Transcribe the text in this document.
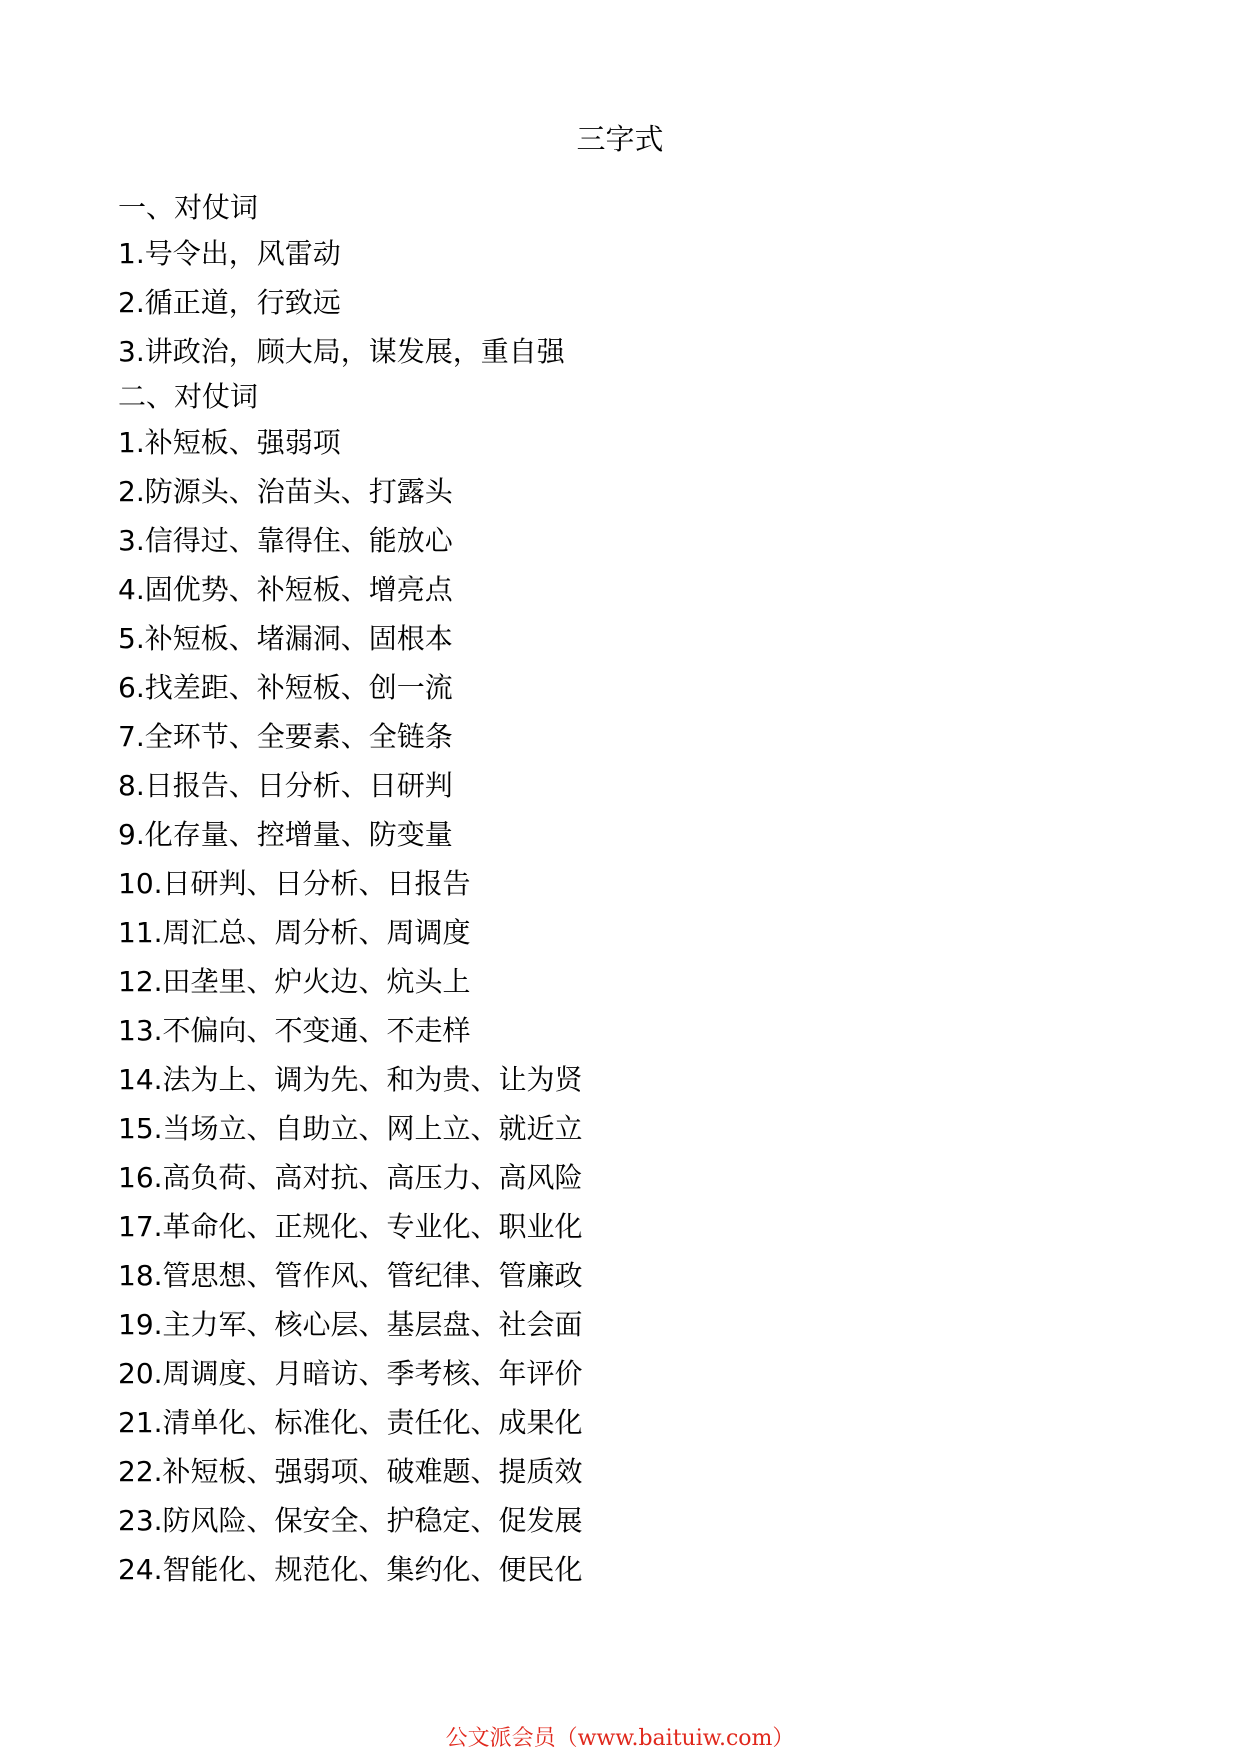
三字式
一、对仗词
1.号令出，风雷动
2.循正道，行致远
3.讲政治，顾大局，谋发展，重自强
二、对仗词
1.补短板、强弱项
2.防源头、治苗头、打露头
3.信得过、靠得住、能放心
4.固优势、补短板、增亮点
5.补短板、堵漏洞、固根本
6.找差距、补短板、创一流
7.全环节、全要素、全链条
8.日报告、日分析、日研判
9.化存量、控增量、防变量
10.日研判、日分析、日报告
11.周汇总、周分析、周调度
12.田垄里、炉火边、炕头上
13.不偏向、不变通、不走样
14.法为上、调为先、和为贵、让为贤
15.当场立、自助立、网上立、就近立
16.高负荷、高对抗、高压力、高风险
17.革命化、正规化、专业化、职业化
18.管思想、管作风、管纪律、管廉政
19.主力军、核心层、基层盘、社会面
20.周调度、月暗访、季考核、年评价
21.清单化、标准化、责任化、成果化
22.补短板、强弱项、破难题、提质效
23.防风险、保安全、护稳定、促发展
24.智能化、规范化、集约化、便民化
公文派会员（www.baituiw.com）
